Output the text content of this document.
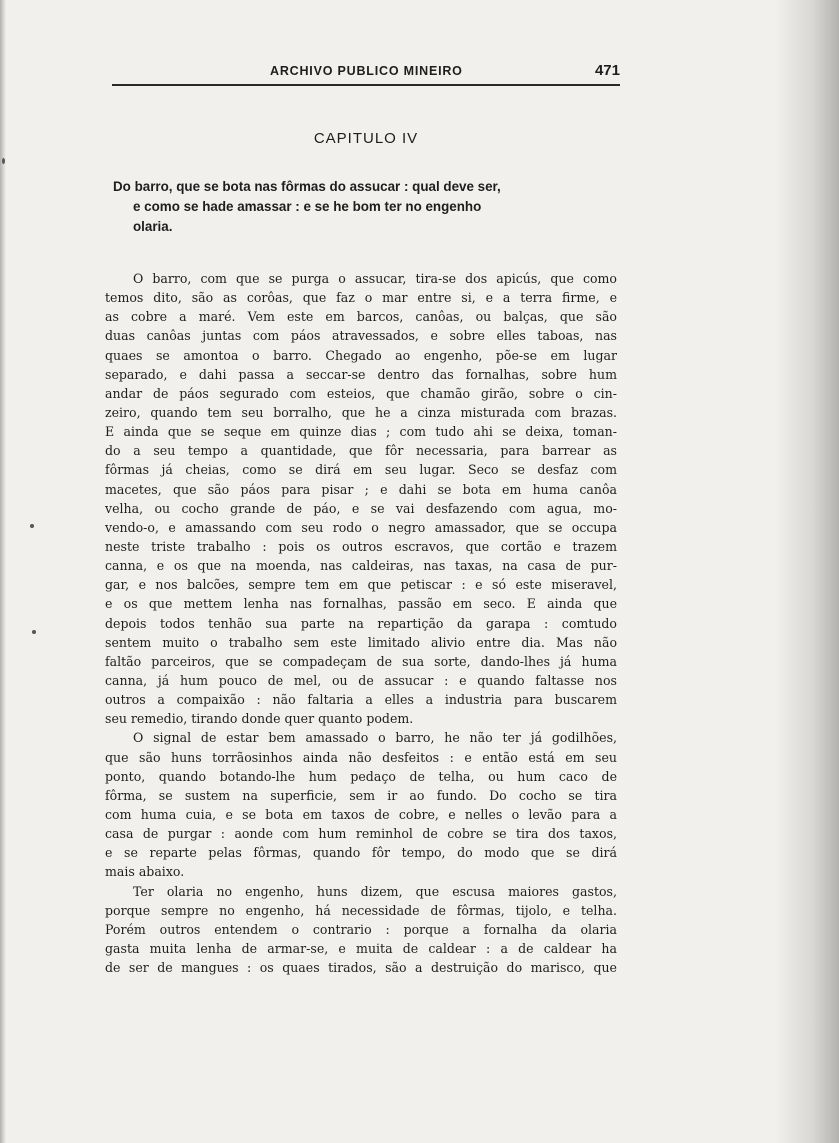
ARCHIVO PUBLICO MINEIRO	471
CAPITULO IV

Do barro, que se bota nas fôrmas do assucar : qual deve ser,

e como se hade amassar : e se he bom ter no engenho

olaria.

O barro, com que se purga o assucar, tira-se dos apicús, que como
temos dito, são as corôas, que faz o mar entre si, e a terra firme, e
as cobre a maré. Vem este em barcos, canôas, ou balças, que são
duas canôas juntas com páos atravessados, e sobre elles taboas, nas
quaes se amontoa o barro. Chegado ao engenho, põe-se em lugar
separado, e dahi passa a seccar-se dentro das fornalhas, sobre hum
andar de páos segurado com esteios, que chamão girão, sobre o cin-
zeiro, quando tem seu borralho, que he a cinza misturada com brazas.
E ainda que se seque em quinze dias ; com tudo ahi se deixa, toman-
do a seu tempo a quantidade, que fôr necessaria, para barrear as
fôrmas já cheias, como se dirá em seu lugar. Seco se desfaz com
macetes, que são páos para pisar ; e dahi se bota em huma canôa
velha, ou cocho grande de páo, e se vai desfazendo com agua, mo-
vendo-o, e amassando com seu rodo o negro amassador, que se occupa
neste triste trabalho : pois os outros escravos, que cortão e trazem
canna, e os que na moenda, nas caldeiras, nas taxas, na casa de pur-
gar, e nos balcões, sempre tem em que petiscar : e só este miseravel,
e os que mettem lenha nas fornalhas, passão em seco. E ainda que
depois todos tenhão sua parte na repartição da garapa : comtudo
sentem muito o trabalho sem este limitado alivio entre dia. Mas não
faltão parceiros, que se compadeçam de sua sorte, dando-lhes já huma
canna, já hum pouco de mel, ou de assucar : e quando faltasse nos
outros a compaixão : não faltaria a elles a industria para buscarem
seu remedio, tirando donde quer quanto podem.
O signal de estar bem amassado o barro, he não ter já godilhões,
que são huns torrãosinhos ainda não desfeitos : e então está em seu
ponto, quando botando-lhe hum pedaço de telha, ou hum caco de
fôrma, se sustem na superficie, sem ir ao fundo. Do cocho se tira
com huma cuia, e se bota em taxos de cobre, e nelles o levão para a
casa de purgar : aonde com hum reminhol de cobre se tira dos taxos,
e se reparte pelas fôrmas, quando fôr tempo, do modo que se dirá
mais abaixo.
Ter olaria no engenho, huns dizem, que escusa maiores gastos,
porque sempre no engenho, há necessidade de fôrmas, tijolo, e telha.
Porém outros entendem o contrario : porque a fornalha da olaria
gasta muita lenha de armar-se, e muita de caldear : a de caldear ha
de ser de mangues : os quaes tirados, são a destruição do marisco, que
